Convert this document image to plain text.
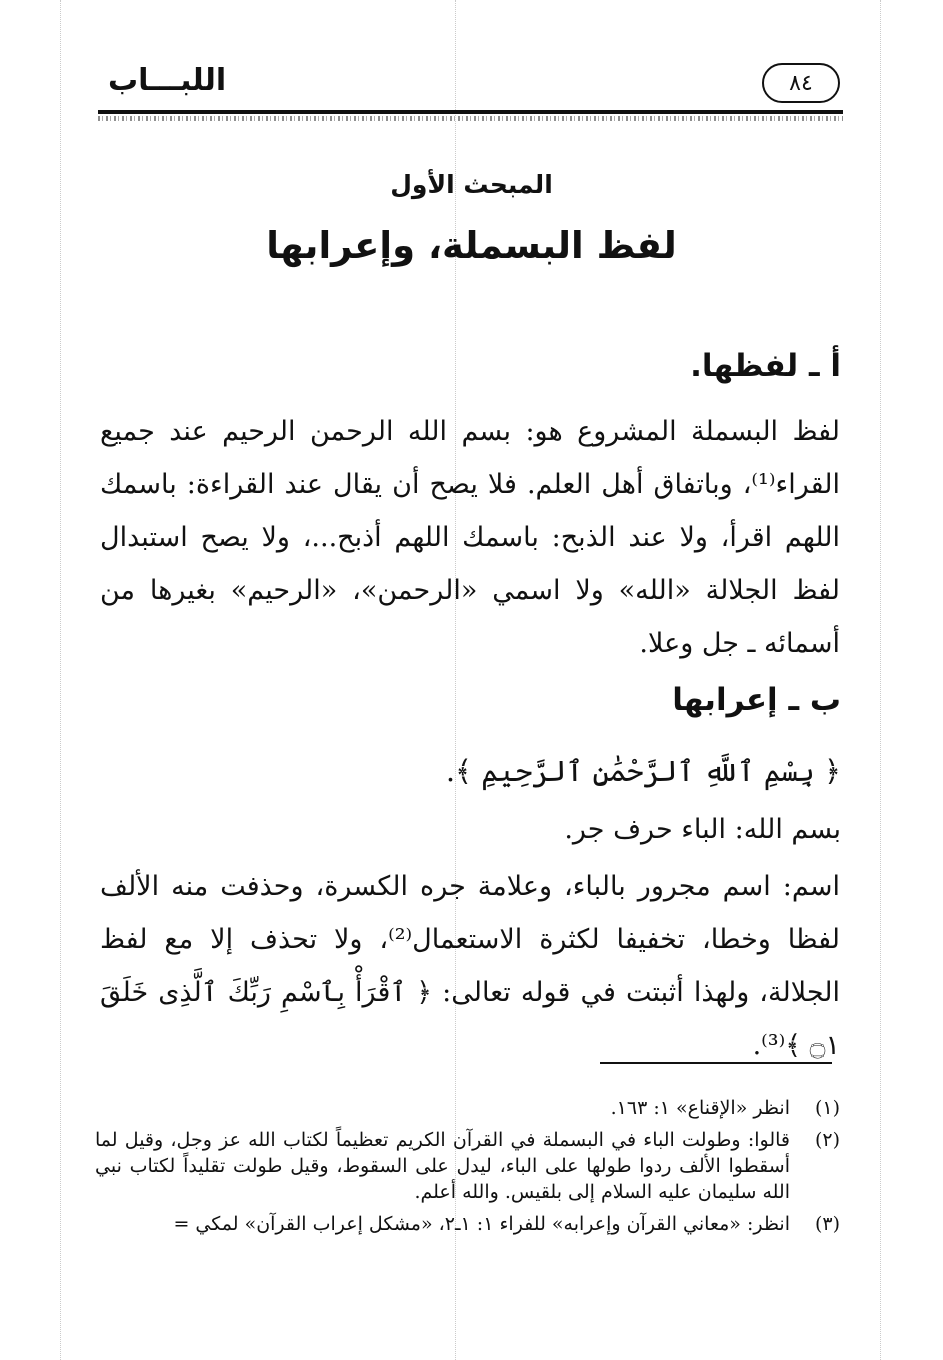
اللبـــاب	٨٤
المبحث الأول
لفظ البسملة، وإعرابها
أ ـ لفظها.
لفظ البسملة المشروع هو: بسم الله الرحمن الرحيم عند جميع القراء⁽¹⁾، وباتفاق أهل العلم. فلا يصح أن يقال عند القراءة: باسمك اللهم اقرأ، ولا عند الذبح: باسمك اللهم أذبح...، ولا يصح استبدال لفظ الجلالة «الله» ولا اسمي «الرحمن»، «الرحيم» بغيرها من أسمائه ـ جل وعلا.
ب ـ إعرابها
﴿ بِسْمِ ٱللَّهِ ٱلرَّحْمَٰنِ ٱلرَّحِيمِ ﴾.
بسم الله: الباء حرف جر.
اسم: اسم مجرور بالباء، وعلامة جره الكسرة، وحذفت منه الألف لفظا وخطا، تخفيفا لكثرة الاستعمال⁽²⁾، ولا تحذف إلا مع لفظ الجلالة، ولهذا أثبتت في قوله تعالى: ﴿ ٱقْرَأْ بِٱسْمِ رَبِّكَ ٱلَّذِى خَلَقَ ۝١ ﴾⁽³⁾.
(١)
انظر «الإقناع» ١: ١٦٣.
(٢)
قالوا: وطولت الباء في البسملة في القرآن الكريم تعظيماً لكتاب الله عز وجل، وقيل لما أسقطوا الألف ردوا طولها على الباء، ليدل على السقوط، وقيل طولت تقليداً لكتاب نبي الله سليمان عليه السلام إلى بلقيس. والله أعلم.
(٣)
انظر: «معاني القرآن وإعرابه» للفراء ١: ١ـ٢، «مشكل إعراب القرآن» لمكي =
